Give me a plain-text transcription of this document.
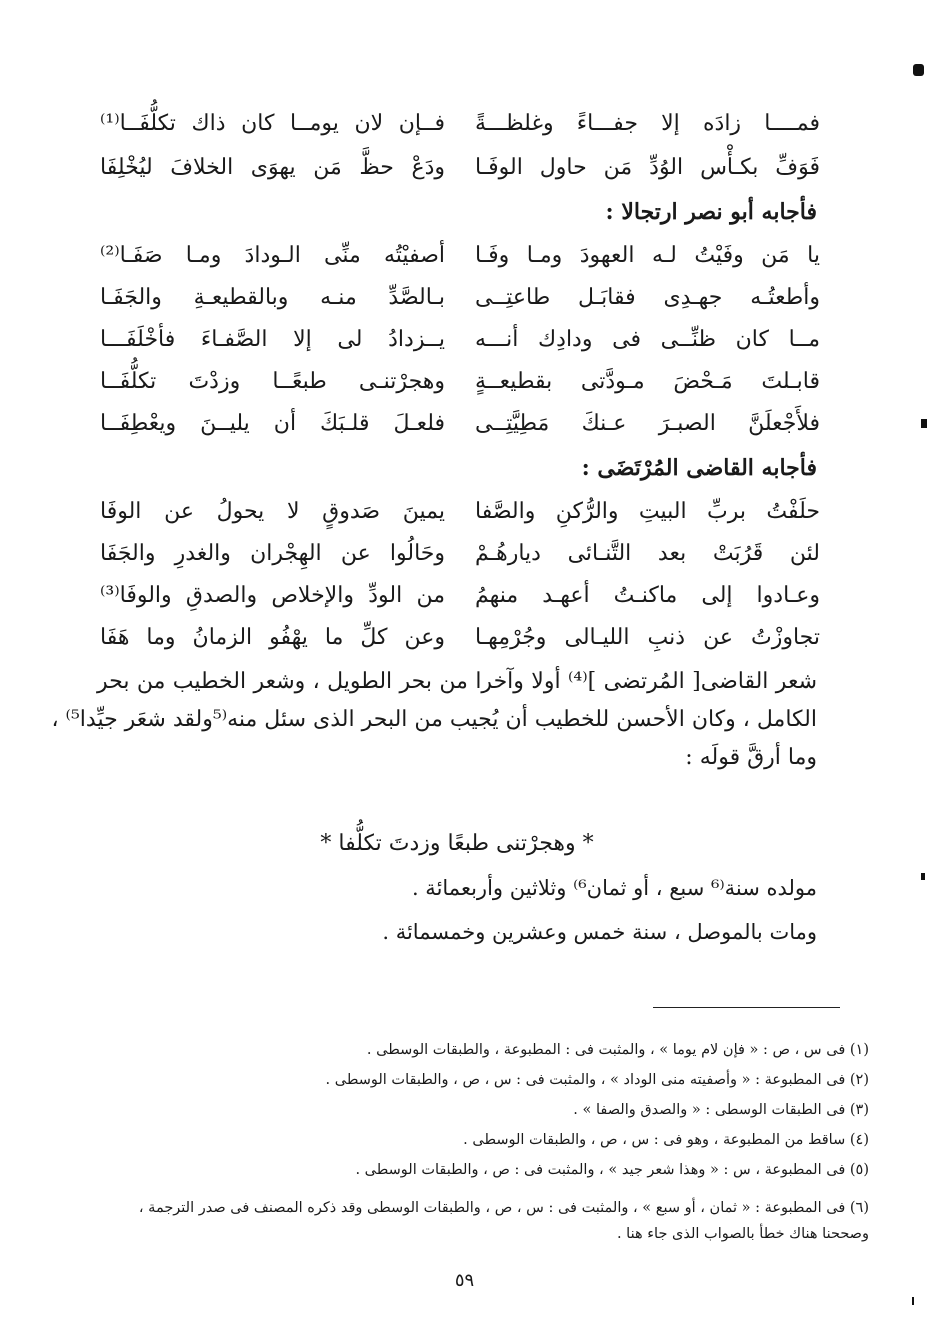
فمــــا زادَه إلا جفـــاءً وغلظـــةً
فــإن لان يومــا كان ذاك تكلُّفَــا⁽¹⁾
فَوَفِّ بكـأْس الوُدِّ مَن حاول الوفَـا
ودَعْ حظَّ مَن يهوَى الخلافَ ليُخْلِفَا
فأجابه أبو نصر ارتجالا :
يا مَن وفَيْتُ لـه العهودَ ومـا وفَـا
أصفيْتُه منِّى الـودادَ ومـا صَفَـا⁽²⁾
وأطعتُـه جهـدِى فقابَـل طاعتِــى
بـالصَّدِّ منـه وبالقطيعـةِ والجَفَـا
مــا كان ظنِّــى فى ودادِك أنـــه
يــزدادُ لى إلا الصَّفـاءَ فأخْلَفَـــا
قابـلتَ مَـحْضَ مـودَّتى بقطيعــةٍ
وهجرْتنـى طبعًــا وزدْتَ تكلُّفَــا
فلأَجْعلَنَّ الصبـرَ عـنكَ مَطِيَّتِــى
فلعـلَ قلـبَكَ أن يليــنَ ويعْطِفَــا
فأجابه القاضى المُرْتَضَى :
حلَفْتُ بربِّ البيتِ والرُّكنِ والصَّفا
يمينَ صَدوقٍ لا يحولُ عن الوفَا
لئن قَرُبَتْ بعد التَّنـائى ديارهُـمْ
وحَالُوا عن الهِجْران والغدرِ والجَفَا
وعـادوا إلى ماكنـتُ أعهـد منهمُ
من الودِّ والإخلاص والصدقِ والوفَا⁽³⁾
تجاوزْتُ عن ذنبِ الليـالى وجُرْمِهـا
وعن كلِّ ما يهْفُو الزمانُ وما هَفَا
شعر القاضى[ المُرتضى ]⁽⁴⁾ أولا وآخرا من بحر الطويل ، وشعر الخطيب من بحر
الكامل ، وكان الأحسن للخطيب أن يُجيب من البحر الذى سئل منه⁽⁵ولقد شعَر جيِّدا⁵⁾ ،
وما أرقَّ قولَه :
* وهجرْتنى طبعًا وزدتَ تكلُّفا *
مولده سنة⁽⁶ سبع ، أو ثمان⁶⁾ وثلاثين وأربعمائة .
ومات بالموصل ، سنة خمس وعشرين وخمسمائة .
(١) فى س ، ص : « فإن لام يوما » ، والمثبت فى : المطبوعة ، والطبقات الوسطى .
(٢) فى المطبوعة : « وأصفيته منى الوداد » ، والمثبت فى : س ، ص ، والطبقات الوسطى .
(٣) فى الطبقات الوسطى : « والصدق والصفا » .
(٤) ساقط من المطبوعة ، وهو فى : س ، ص ، والطبقات الوسطى .
(٥) فى المطبوعة ، س : « وهذا شعر جيد » ، والمثبت فى : ص ، والطبقات الوسطى .
(٦) فى المطبوعة : « ثمان ، أو سبع » ، والمثبت فى : س ، ص ، والطبقات الوسطى وقد ذكره المصنف فى صدر الترجمة ،
وصححنا هناك خطأ بالصواب الذى جاء هنا .
٥٩
